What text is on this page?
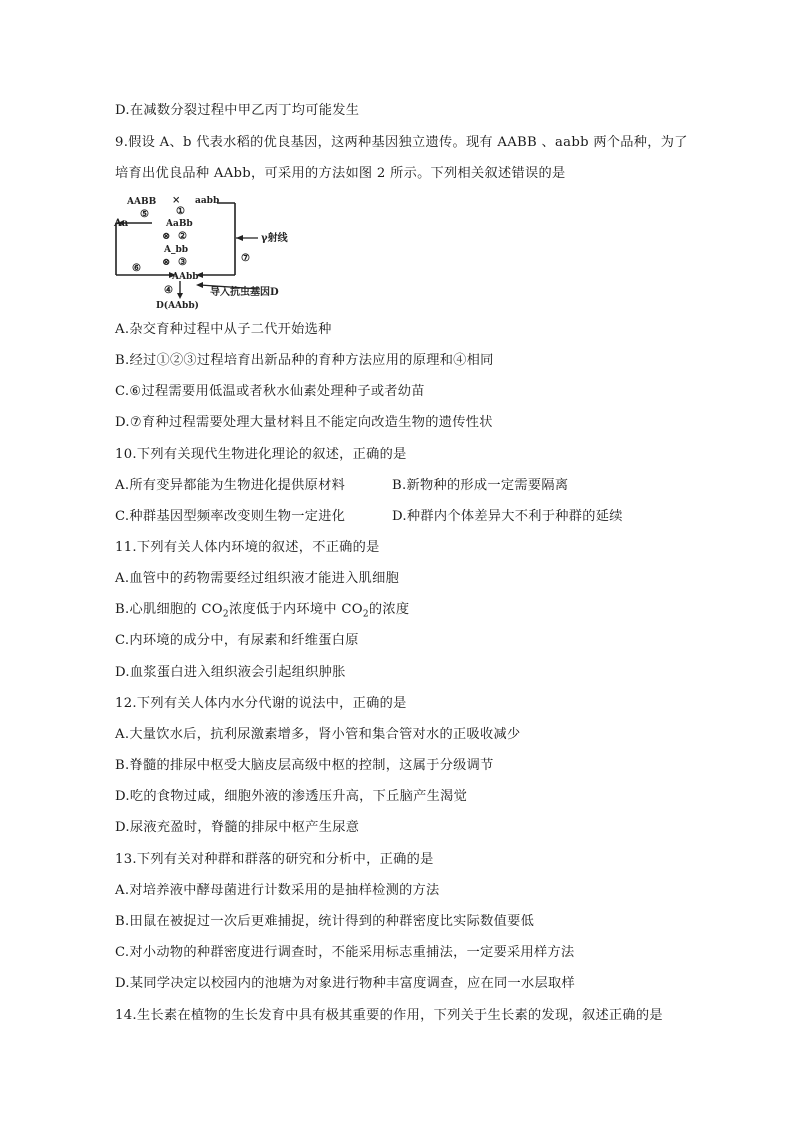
D.在减数分裂过程中甲乙丙丁均可能发生
9.假设 A、b 代表水稻的优良基因，这两种基因独立遗传。现有 AABB 、aabb 两个品种，为了
培育出优良品种 AAbb，可采用的方法如图 2 所示。下列相关叙述错误的是
AABB × aabb
①
Aa
⑤
AaBb
⊗ ②
A_bb
⊗ ③
γ射线
⑦
⑥
AAbb
④	导入抗虫基因D
D(AAbb)
A.杂交育种过程中从子二代开始选种
B.经过①②③过程培育出新品种的育种方法应用的原理和④相同
C.⑥过程需要用低温或者秋水仙素处理种子或者幼苗
D.⑦育种过程需要处理大量材料且不能定向改造生物的遗传性状
10.下列有关现代生物进化理论的叙述，正确的是
A.所有变异都能为生物进化提供原材料	B.新物种的形成一定需要隔离
C.种群基因型频率改变则生物一定进化	D.种群内个体差异大不利于种群的延续
11.下列有关人体内环境的叙述，不正确的是
A.血管中的药物需要经过组织液才能进入肌细胞
B.心肌细胞的 $CO_2$浓度低于内环境中 $CO_2$的浓度
C.内环境的成分中，有尿素和纤维蛋白原
D.血浆蛋白进入组织液会引起组织肿胀
12.下列有关人体内水分代谢的说法中，正确的是
A.大量饮水后，抗利尿激素增多，肾小管和集合管对水的正吸收减少
B.脊髓的排尿中枢受大脑皮层高级中枢的控制，这属于分级调节
D.吃的食物过咸，细胞外液的渗透压升高，下丘脑产生渴觉
D.尿液充盈时，脊髓的排尿中枢产生尿意
13.下列有关对种群和群落的研究和分析中，正确的是
A.对培养液中酵母菌进行计数采用的是抽样检测的方法
B.田鼠在被捉过一次后更难捕捉，统计得到的种群密度比实际数值要低
C.对小动物的种群密度进行调查时，不能采用标志重捕法，一定要采用样方法
D.某同学决定以校园内的池塘为对象进行物种丰富度调查，应在同一水层取样
14.生长素在植物的生长发育中具有极其重要的作用，下列关于生长素的发现，叙述正确的是
